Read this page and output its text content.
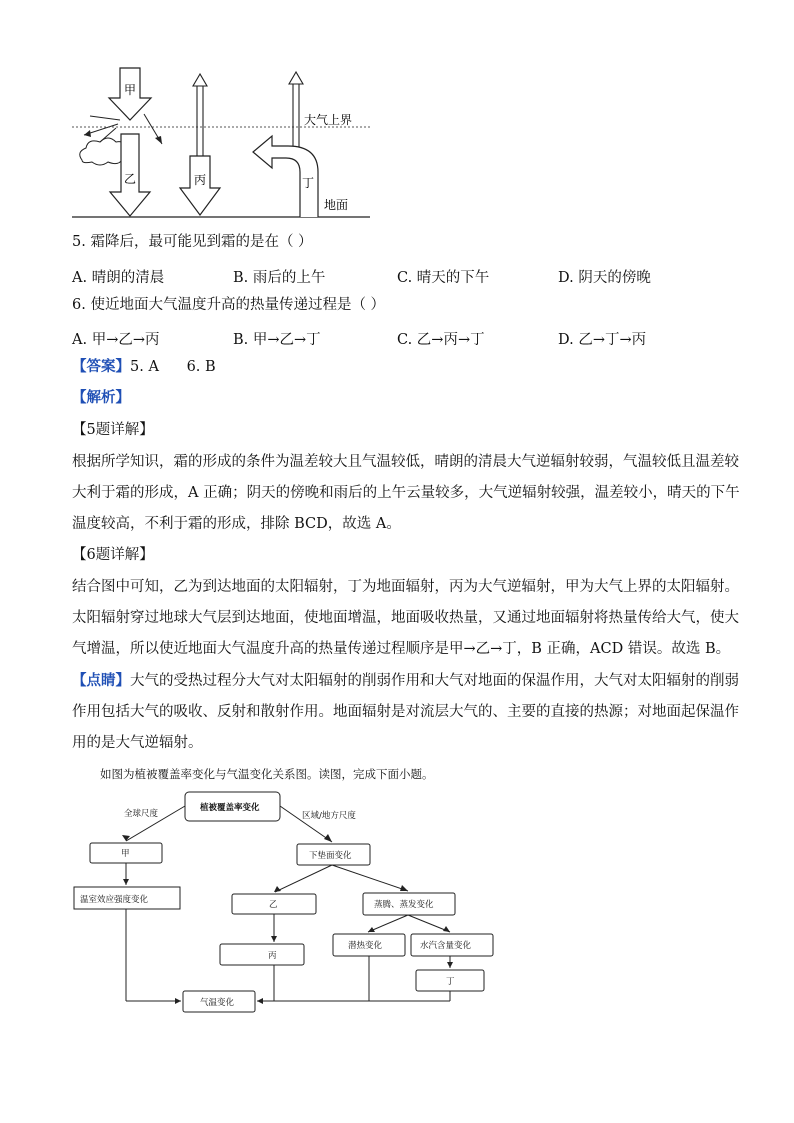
甲
乙	丙	丁
大气上界
地面
5. 霜降后，最可能见到霜的是在（ ）
A. 晴朗的清晨	B. 雨后的上午	C. 晴天的下午	D. 阴天的傍晚
6. 使近地面大气温度升高的热量传递过程是（ ）
A. 甲→乙→丙	B. 甲→乙→丁	C. 乙→丙→丁	D. 乙→丁→丙
【答案】5. A      6. B
【解析】
【5题详解】
根据所学知识，霜的形成的条件为温差较大且气温较低，晴朗的清晨大气逆辐射较弱，气温较低且温差较
大利于霜的形成，A 正确；阴天的傍晚和雨后的上午云量较多，大气逆辐射较强，温差较小，晴天的下午
温度较高，不利于霜的形成，排除 BCD，故选 A。
【6题详解】
结合图中可知，乙为到达地面的太阳辐射，丁为地面辐射，丙为大气逆辐射，甲为大气上界的太阳辐射。
太阳辐射穿过地球大气层到达地面，使地面增温，地面吸收热量，又通过地面辐射将热量传给大气，使大
气增温，所以使近地面大气温度升高的热量传递过程顺序是甲→乙→丁，B 正确，ACD 错误。故选 B。
【点睛】大气的受热过程分大气对太阳辐射的削弱作用和大气对地面的保温作用，大气对太阳辐射的削弱
作用包括大气的吸收、反射和散射作用。地面辐射是对流层大气的、主要的直接的热源；对地面起保温作
用的是大气逆辐射。
如图为植被覆盖率变化与气温变化关系图。读图，完成下面小题。
植被覆盖率变化
全球尺度	区域/地方尺度
甲
温室效应强度变化
下垫面变化
乙	蒸腾、蒸发变化
丙
潜热变化	水汽含量变化
丁
气温变化
